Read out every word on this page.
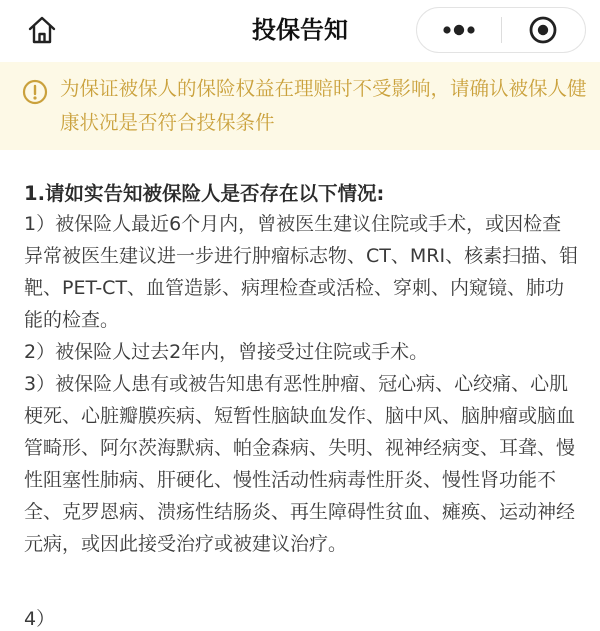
投保告知

为保证被保人的保险权益在理赔时不受影响，请确认被保人健康状况是否符合投保条件

1.请如实告知被保险人是否存在以下情况:

1）被保险人最近6个月内，曾被医生建议住院或手术，或因检查异常被医生建议进一步进行肿瘤标志物、CT、MRI、核素扫描、钼靶、PET-CT、血管造影、病理检查或活检、穿刺、内窥镜、肺功能的检查。

2）被保险人过去2年内，曾接受过住院或手术。

3）被保险人患有或被告知患有恶性肿瘤、冠心病、心绞痛、心肌梗死、心脏瓣膜疾病、短暂性脑缺血发作、脑中风、脑肿瘤或脑血管畸形、阿尔茨海默病、帕金森病、失明、视神经病变、耳聋、慢性阻塞性肺病、肝硬化、慢性活动性病毒性肝炎、慢性肾功能不全、克罗恩病、溃疡性结肠炎、再生障碍性贫血、瘫痪、运动神经元病，或因此接受治疗或被建议治疗。

4）
